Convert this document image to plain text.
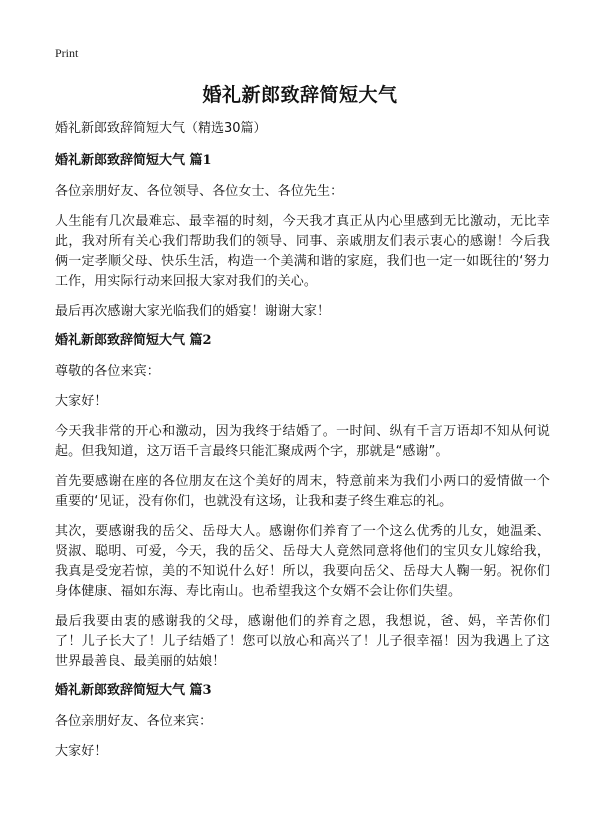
Print
婚礼新郎致辞简短大气

婚礼新郎致辞简短大气（精选30篇）

婚礼新郎致辞简短大气 篇1

各位亲朋好友、各位领导、各位女士、各位先生：

人生能有几次最难忘、最幸福的时刻，今天我才真正从内心里感到无比激动，无比幸此，我对所有关心我们帮助我们的领导、同事、亲戚朋友们表示衷心的感谢！今后我俩一定孝顺父母、快乐生活，构造一个美满和谐的家庭，我们也一定一如既往的‘努力工作，用实际行动来回报大家对我们的关心。

最后再次感谢大家光临我们的婚宴！谢谢大家！

婚礼新郎致辞简短大气 篇2

尊敬的各位来宾：

大家好！

今天我非常的开心和激动，因为我终于结婚了。一时间、纵有千言万语却不知从何说起。但我知道，这万语千言最终只能汇聚成两个字，那就是“感谢”。

首先要感谢在座的各位朋友在这个美好的周末，特意前来为我们小两口的爱情做一个重要的‘见证，没有你们，也就没有这场，让我和妻子终生难忘的礼。

其次，要感谢我的岳父、岳母大人。感谢你们养育了一个这么优秀的儿女，她温柔、贤淑、聪明、可爱，今天，我的岳父、岳母大人竟然同意将他们的宝贝女儿嫁给我，我真是受宠若惊，美的不知说什么好！所以，我要向岳父、岳母大人鞠一躬。祝你们身体健康、福如东海、寿比南山。也希望我这个女婿不会让你们失望。

最后我要由衷的感谢我的父母，感谢他们的养育之恩，我想说，爸、妈，辛苦你们了！儿子长大了！儿子结婚了！您可以放心和高兴了！儿子很幸福！因为我遇上了这世界最善良、最美丽的姑娘！

婚礼新郎致辞简短大气 篇3

各位亲朋好友、各位来宾：

大家好！
